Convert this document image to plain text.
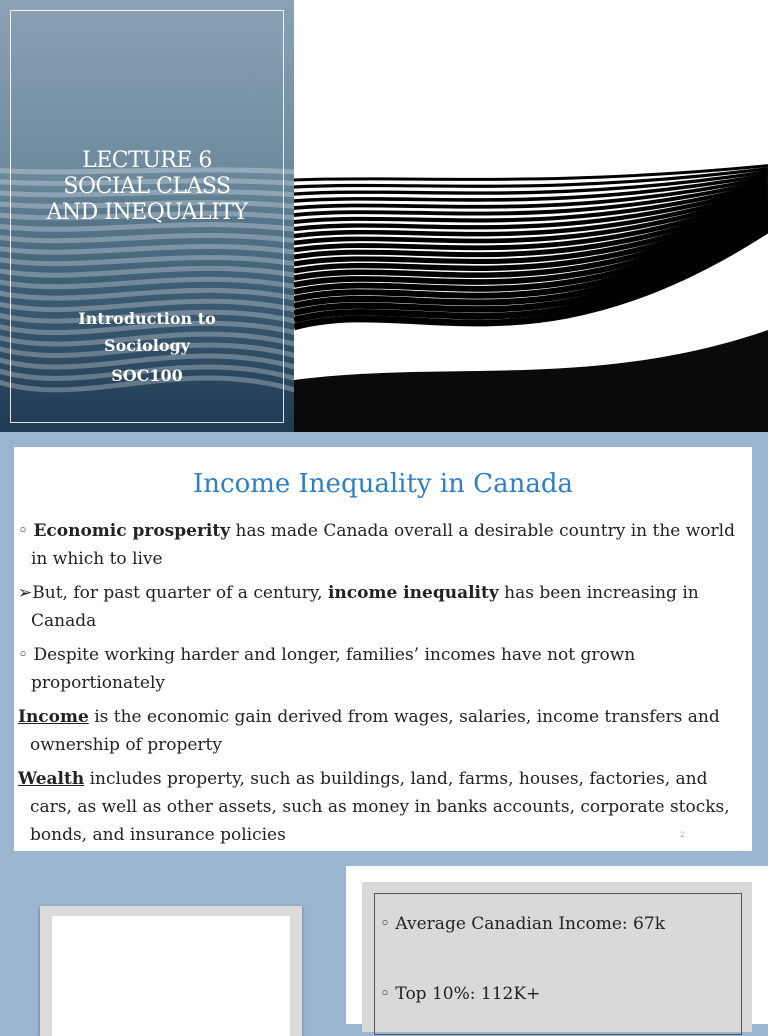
LECTURE 6
SOCIAL CLASS
AND INEQUALITY
Introduction to
Sociology
SOC100
Income Inequality in Canada

◦ Economic prosperity has made Canada overall a desirable country in the world in which to live

➢But, for past quarter of a century, income inequality has been increasing in Canada

◦ Despite working harder and longer, families’ incomes have not grown proportionately

Income is the economic gain derived from wages, salaries, income transfers and ownership of property

Wealth includes property, such as buildings, land, farms, houses, factories, and cars, as well as other assets, such as money in banks accounts, corporate stocks, bonds, and insurance policies	2
◦ Average Canadian Income: 67k
◦ Top 10%: 112K+
